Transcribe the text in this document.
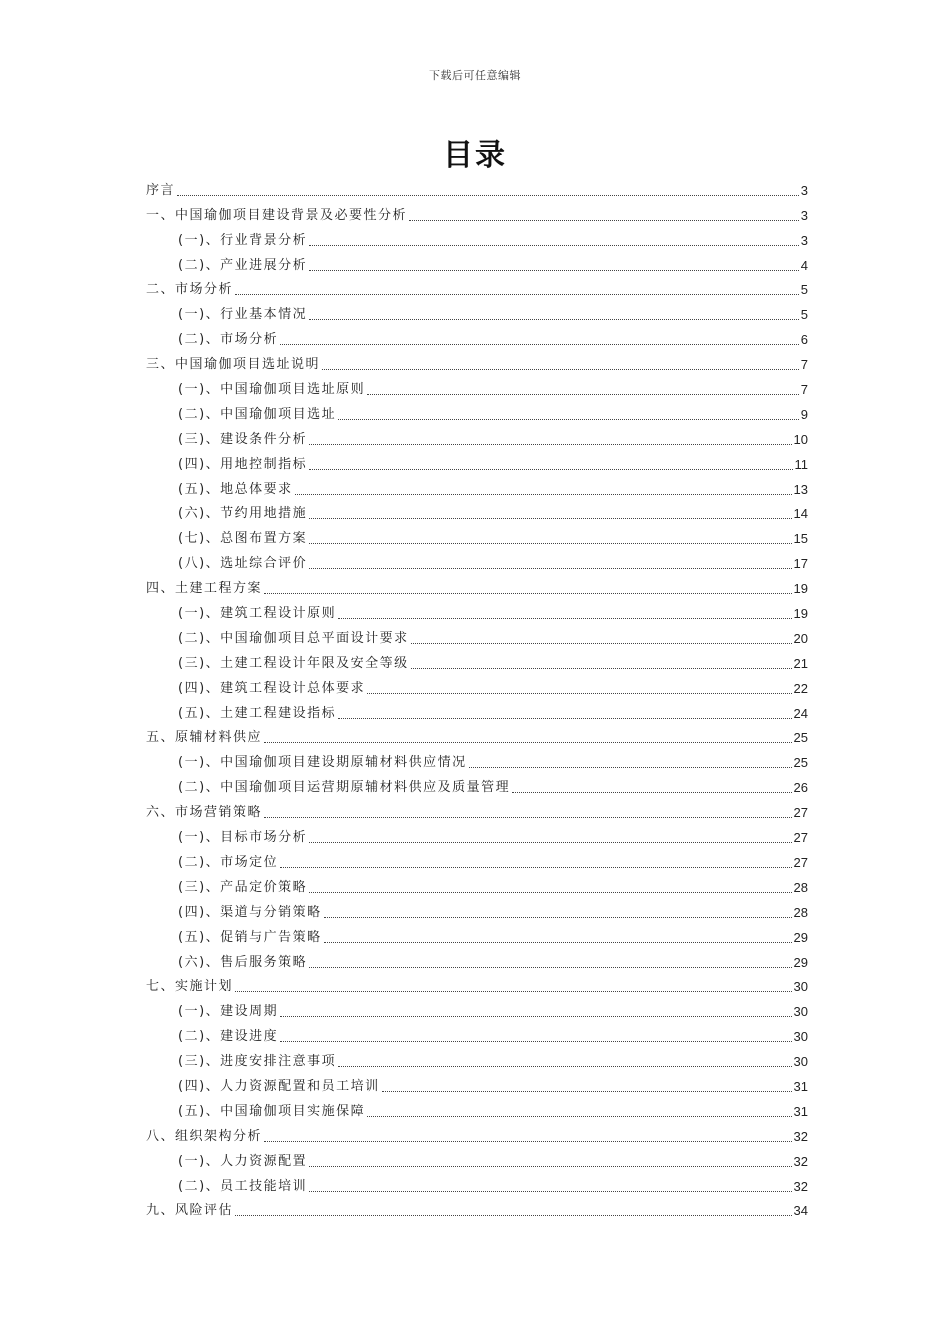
下载后可任意编辑
目录
序言	3
一、中国瑜伽项目建设背景及必要性分析	3
(一)、行业背景分析	3
(二)、产业进展分析	4
二、市场分析	5
(一)、行业基本情况	5
(二)、市场分析	6
三、中国瑜伽项目选址说明	7
(一)、中国瑜伽项目选址原则	7
(二)、中国瑜伽项目选址	9
(三)、建设条件分析	10
(四)、用地控制指标	11
(五)、地总体要求	13
(六)、节约用地措施	14
(七)、总图布置方案	15
(八)、选址综合评价	17
四、土建工程方案	19
(一)、建筑工程设计原则	19
(二)、中国瑜伽项目总平面设计要求	20
(三)、土建工程设计年限及安全等级	21
(四)、建筑工程设计总体要求	22
(五)、土建工程建设指标	24
五、原辅材料供应	25
(一)、中国瑜伽项目建设期原辅材料供应情况	25
(二)、中国瑜伽项目运营期原辅材料供应及质量管理	26
六、市场营销策略	27
(一)、目标市场分析	27
(二)、市场定位	27
(三)、产品定价策略	28
(四)、渠道与分销策略	28
(五)、促销与广告策略	29
(六)、售后服务策略	29
七、实施计划	30
(一)、建设周期	30
(二)、建设进度	30
(三)、进度安排注意事项	30
(四)、人力资源配置和员工培训	31
(五)、中国瑜伽项目实施保障	31
八、组织架构分析	32
(一)、人力资源配置	32
(二)、员工技能培训	32
九、风险评估	34
